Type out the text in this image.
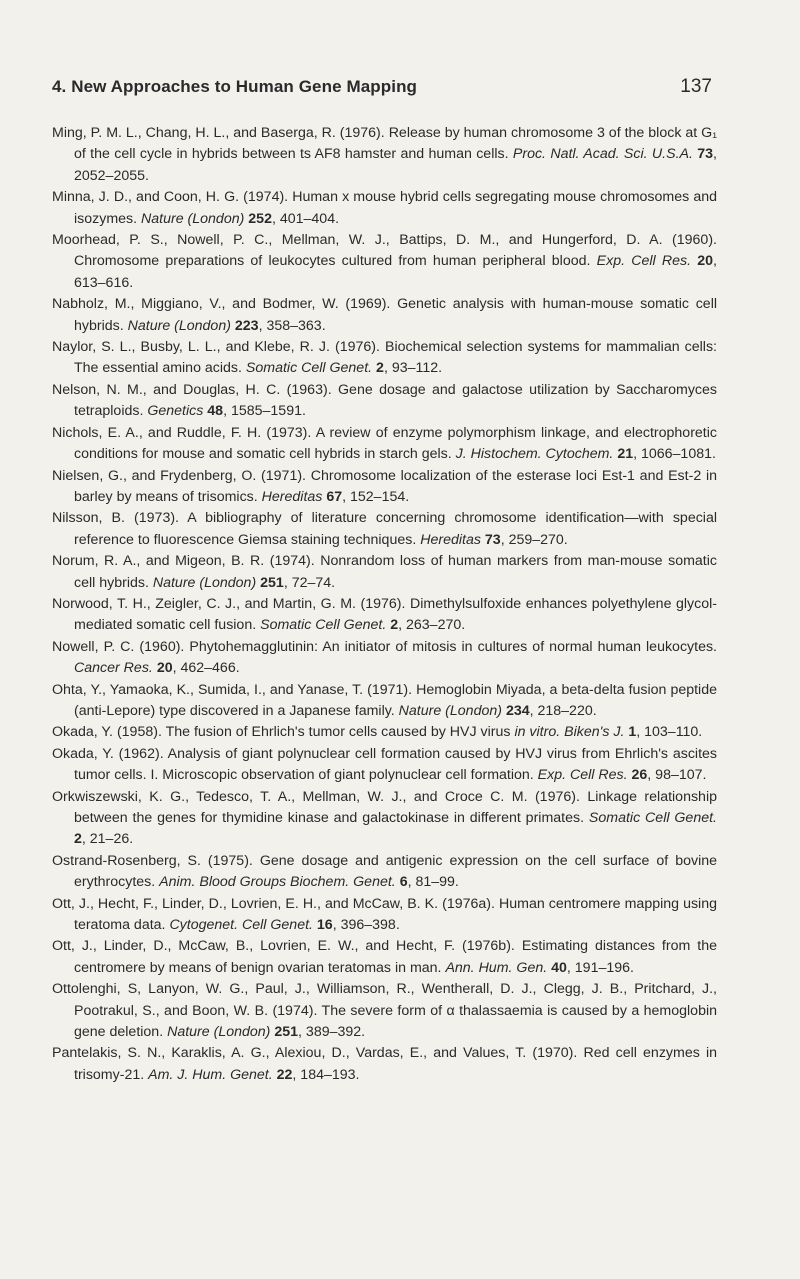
4. New Approaches to Human Gene Mapping	137
Ming, P. M. L., Chang, H. L., and Baserga, R. (1976). Release by human chromosome 3 of the block at G₁ of the cell cycle in hybrids between ts AF8 hamster and human cells. Proc. Natl. Acad. Sci. U.S.A. 73, 2052–2055.
Minna, J. D., and Coon, H. G. (1974). Human x mouse hybrid cells segregating mouse chromosomes and isozymes. Nature (London) 252, 401–404.
Moorhead, P. S., Nowell, P. C., Mellman, W. J., Battips, D. M., and Hungerford, D. A. (1960). Chromosome preparations of leukocytes cultured from human peripheral blood. Exp. Cell Res. 20, 613–616.
Nabholz, M., Miggiano, V., and Bodmer, W. (1969). Genetic analysis with human-mouse somatic cell hybrids. Nature (London) 223, 358–363.
Naylor, S. L., Busby, L. L., and Klebe, R. J. (1976). Biochemical selection systems for mammalian cells: The essential amino acids. Somatic Cell Genet. 2, 93–112.
Nelson, N. M., and Douglas, H. C. (1963). Gene dosage and galactose utilization by Saccharomyces tetraploids. Genetics 48, 1585–1591.
Nichols, E. A., and Ruddle, F. H. (1973). A review of enzyme polymorphism linkage, and electrophoretic conditions for mouse and somatic cell hybrids in starch gels. J. Histochem. Cytochem. 21, 1066–1081.
Nielsen, G., and Frydenberg, O. (1971). Chromosome localization of the esterase loci Est-1 and Est-2 in barley by means of trisomics. Hereditas 67, 152–154.
Nilsson, B. (1973). A bibliography of literature concerning chromosome identification—with special reference to fluorescence Giemsa staining techniques. Hereditas 73, 259–270.
Norum, R. A., and Migeon, B. R. (1974). Nonrandom loss of human markers from man-mouse somatic cell hybrids. Nature (London) 251, 72–74.
Norwood, T. H., Zeigler, C. J., and Martin, G. M. (1976). Dimethylsulfoxide enhances polyethylene glycol-mediated somatic cell fusion. Somatic Cell Genet. 2, 263–270.
Nowell, P. C. (1960). Phytohemagglutinin: An initiator of mitosis in cultures of normal human leukocytes. Cancer Res. 20, 462–466.
Ohta, Y., Yamaoka, K., Sumida, I., and Yanase, T. (1971). Hemoglobin Miyada, a beta-delta fusion peptide (anti-Lepore) type discovered in a Japanese family. Nature (London) 234, 218–220.
Okada, Y. (1958). The fusion of Ehrlich's tumor cells caused by HVJ virus in vitro. Biken's J. 1, 103–110.
Okada, Y. (1962). Analysis of giant polynuclear cell formation caused by HVJ virus from Ehrlich's ascites tumor cells. I. Microscopic observation of giant polynuclear cell formation. Exp. Cell Res. 26, 98–107.
Orkwiszewski, K. G., Tedesco, T. A., Mellman, W. J., and Croce C. M. (1976). Linkage relationship between the genes for thymidine kinase and galactokinase in different primates. Somatic Cell Genet. 2, 21–26.
Ostrand-Rosenberg, S. (1975). Gene dosage and antigenic expression on the cell surface of bovine erythrocytes. Anim. Blood Groups Biochem. Genet. 6, 81–99.
Ott, J., Hecht, F., Linder, D., Lovrien, E. H., and McCaw, B. K. (1976a). Human centromere mapping using teratoma data. Cytogenet. Cell Genet. 16, 396–398.
Ott, J., Linder, D., McCaw, B., Lovrien, E. W., and Hecht, F. (1976b). Estimating distances from the centromere by means of benign ovarian teratomas in man. Ann. Hum. Gen. 40, 191–196.
Ottolenghi, S, Lanyon, W. G., Paul, J., Williamson, R., Wentherall, D. J., Clegg, J. B., Pritchard, J., Pootrakul, S., and Boon, W. B. (1974). The severe form of α thalassaemia is caused by a hemoglobin gene deletion. Nature (London) 251, 389–392.
Pantelakis, S. N., Karaklis, A. G., Alexiou, D., Vardas, E., and Values, T. (1970). Red cell enzymes in trisomy-21. Am. J. Hum. Genet. 22, 184–193.
